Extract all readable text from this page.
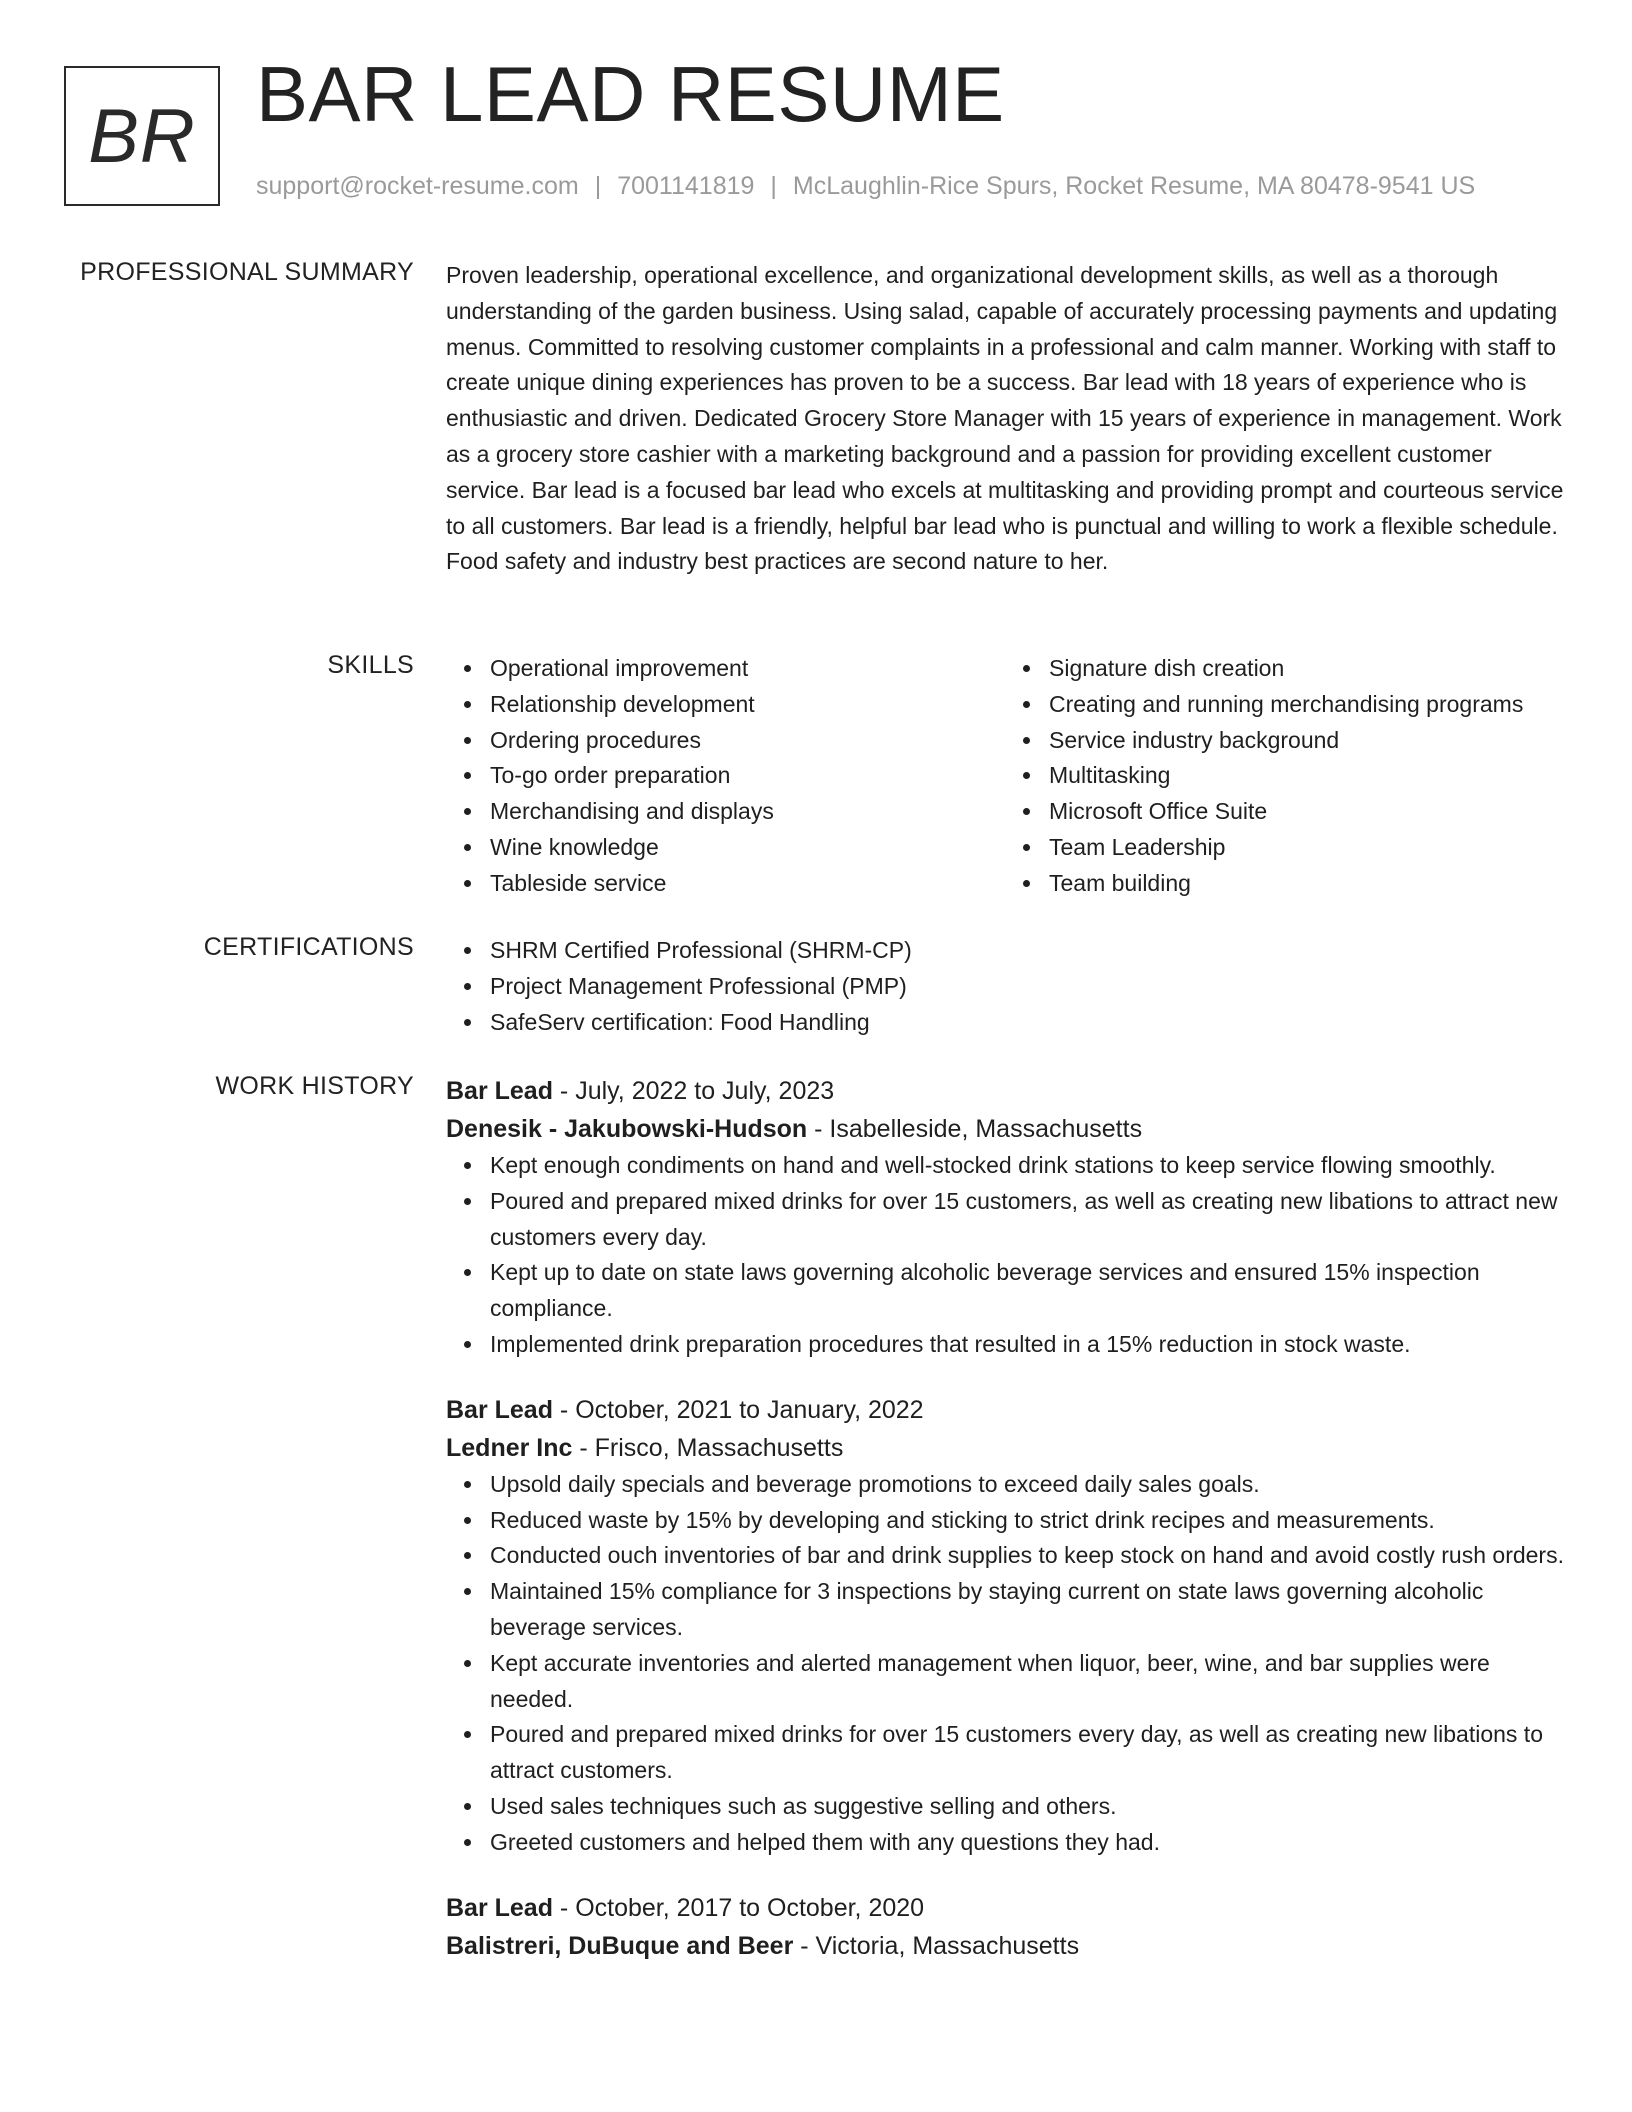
BR BAR LEAD RESUME
support@rocket-resume.com | 7001141819 | McLaughlin-Rice Spurs, Rocket Resume, MA 80478-9541 US
PROFESSIONAL SUMMARY Proven leadership, operational excellence, and organizational development skills, as well as a thorough understanding of the garden business. Using salad, capable of accurately processing payments and updating menus. Committed to resolving customer complaints in a professional and calm manner. Working with staff to create unique dining experiences has proven to be a success. Bar lead with 18 years of experience who is enthusiastic and driven. Dedicated Grocery Store Manager with 15 years of experience in management. Work as a grocery store cashier with a marketing background and a passion for providing excellent customer service. Bar lead is a focused bar lead who excels at multitasking and providing prompt and courteous service to all customers. Bar lead is a friendly, helpful bar lead who is punctual and willing to work a flexible schedule. Food safety and industry best practices are second nature to her.

SKILLS	Operational improvement
Relationship development
Ordering procedures
To-go order preparation
Merchandising and displays
Wine knowledge
Tableside service
Signature dish creation
Creating and running merchandising programs
Service industry background
Multitasking
Microsoft Office Suite
Team Leadership
Team building
CERTIFICATIONS	SHRM Certified Professional (SHRM-CP)
Project Management Professional (PMP)
SafeServ certification: Food Handling
WORK HISTORY Bar Lead - July, 2022 to July, 2023
Denesik - Jakubowski-Hudson - Isabelleside, Massachusetts
Kept enough condiments on hand and well-stocked drink stations to keep service flowing smoothly.
Poured and prepared mixed drinks for over 15 customers, as well as creating new libations to attract new customers every day.
Kept up to date on state laws governing alcoholic beverage services and ensured 15% inspection compliance.
Implemented drink preparation procedures that resulted in a 15% reduction in stock waste.
Bar Lead - October, 2021 to January, 2022
Ledner Inc - Frisco, Massachusetts
Upsold daily specials and beverage promotions to exceed daily sales goals.
Reduced waste by 15% by developing and sticking to strict drink recipes and measurements.
Conducted ouch inventories of bar and drink supplies to keep stock on hand and avoid costly rush orders.
Maintained 15% compliance for 3 inspections by staying current on state laws governing alcoholic beverage services.
Kept accurate inventories and alerted management when liquor, beer, wine, and bar supplies were needed.
Poured and prepared mixed drinks for over 15 customers every day, as well as creating new libations to attract customers.
Used sales techniques such as suggestive selling and others.
Greeted customers and helped them with any questions they had.
Bar Lead - October, 2017 to October, 2020
Balistreri, DuBuque and Beer - Victoria, Massachusetts
